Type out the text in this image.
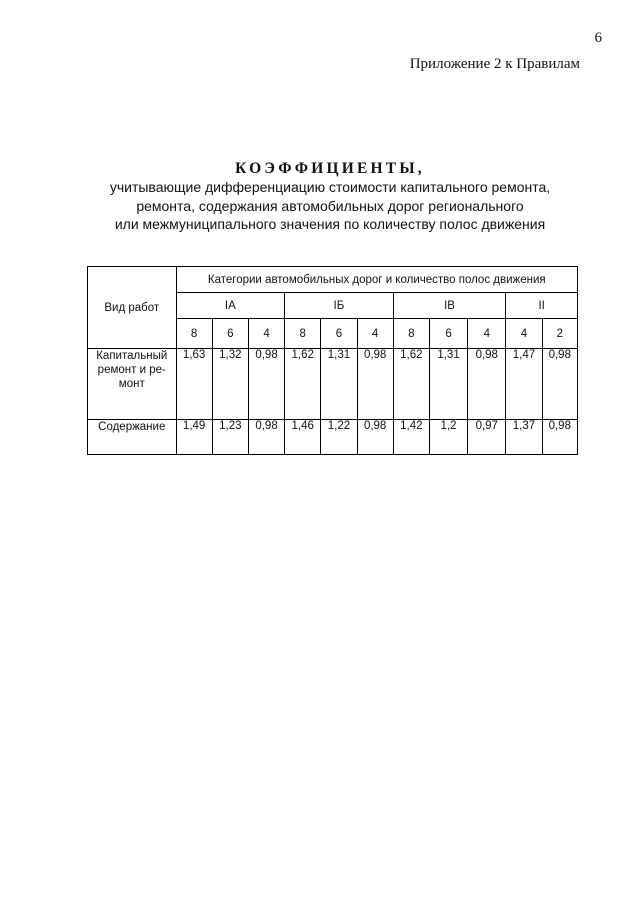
6
Приложение 2 к Правилам
КОЭФФИЦИЕНТЫ,
учитывающие дифференциацию стоимости капитального ремонта,
ремонта, содержания автомобильных дорог регионального
или межмуниципального значения по количеству полос движения
Вид работ	Категории автомобильных дорог и количество полос движения										
	IA			IБ			IB			II	
	8	6	4	8	6	4	8	6	4	4	2
Капитальный ремонт и ре-монт	1,63	1,32	0,98	1,62	1,31	0,98	1,62	1,31	0,98	1,47	0,98
Содержание	1,49	1,23	0,98	1,46	1,22	0,98	1,42	1,2	0,97	1,37	0,98
